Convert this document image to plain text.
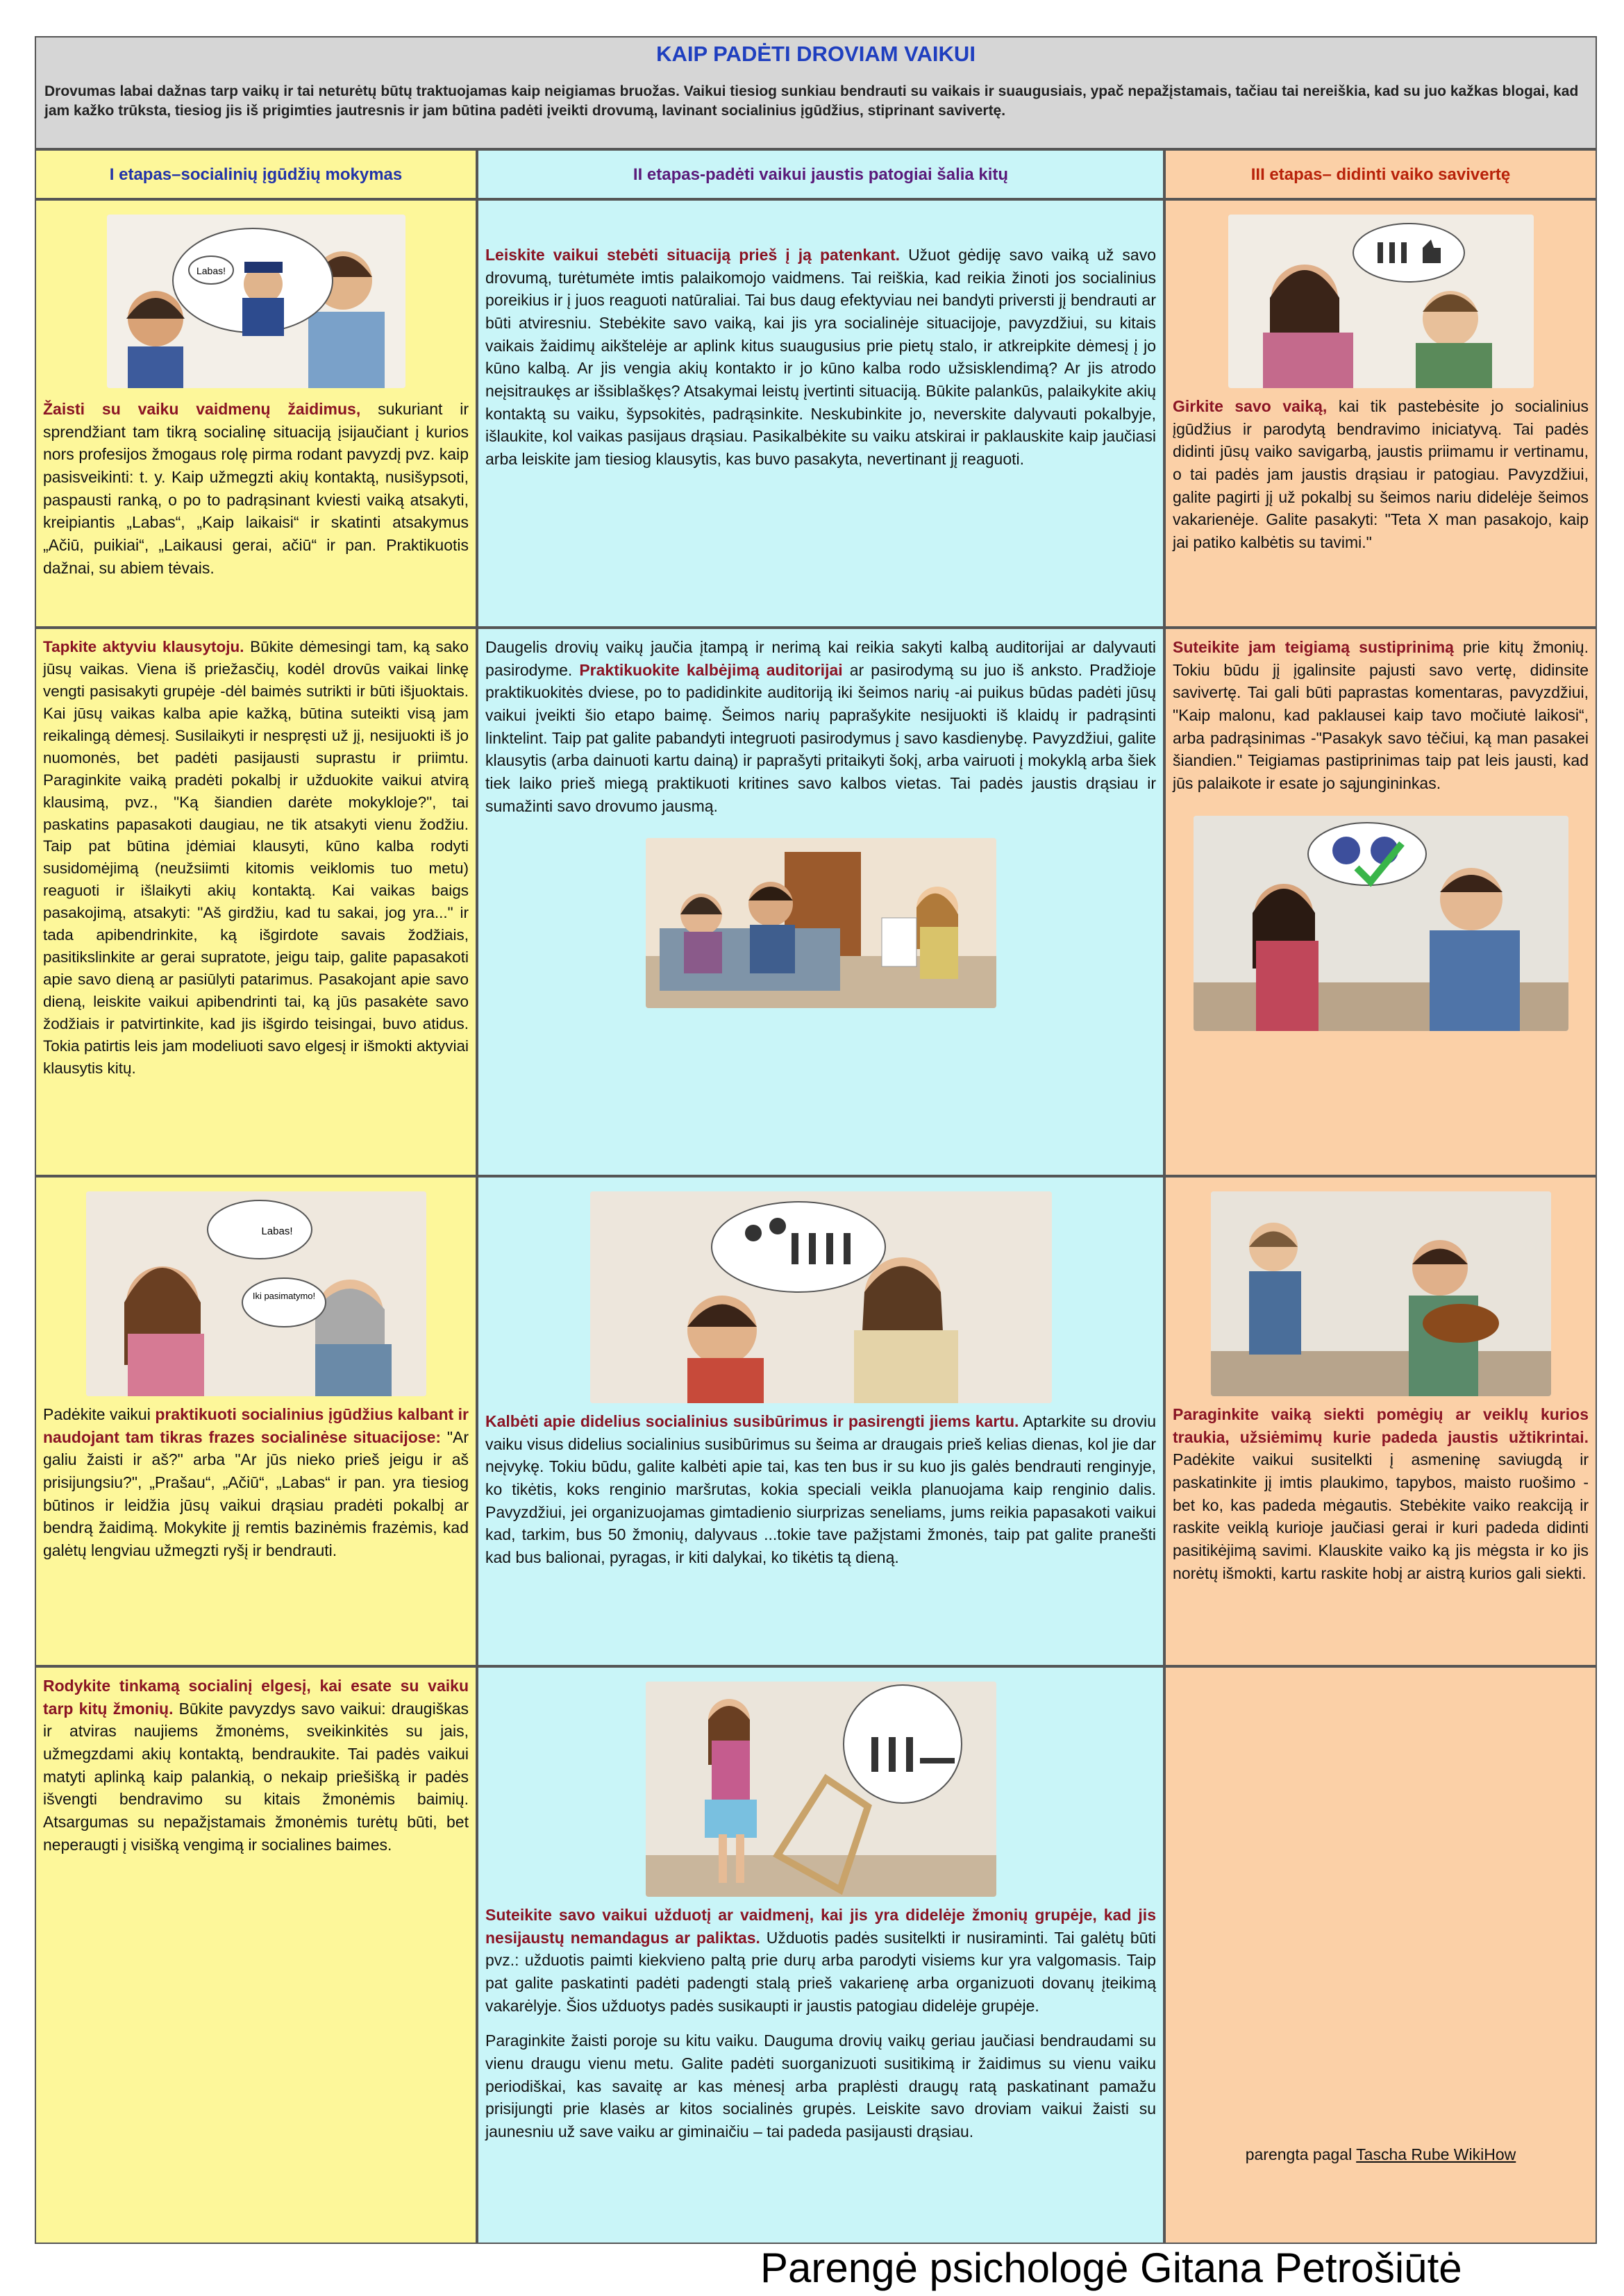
KAIP PADĖTI DROVIAM VAIKUI
Drovumas labai dažnas tarp vaikų ir tai neturėtų būtų traktuojamas kaip neigiamas bruožas. Vaikui tiesiog sunkiau bendrauti su vaikais ir suaugusiais, ypač nepažįstamais, tačiau tai nereiškia, kad su juo kažkas blogai, kad jam kažko trūksta, tiesiog jis iš prigimties jautresnis ir jam būtina padėti įveikti drovumą, lavinant socialinius įgūdžius, stiprinant savivertę.
I etapas–socialinių įgūdžių mokymas	II etapas-padėti vaikui jaustis patogiai šalia kitų	III etapas– didinti vaiko savivertę
Labas!

Žaisti su vaiku vaidmenų žaidimus, sukuriant ir sprendžiant tam tikrą socialinę situaciją įsijaučiant į kurios nors profesijos žmogaus rolę pirma rodant pavyzdį pvz. kaip pasisveikinti: t. y. Kaip užmegzti akių kontaktą, nusišypsoti, paspausti ranką, o po to padrąsinant kviesti vaiką atsakyti, kreipiantis „Labas“, „Kaip laikaisi“ ir skatinti atsakymus „Ačiū, puikiai“, „Laikausi gerai, ačiū“ ir pan. Praktikuotis dažnai, su abiem tėvais.

Leiskite vaikui stebėti situaciją prieš į ją patenkant. Užuot gėdiję savo vaiką už savo drovumą, turėtumėte imtis palaikomojo vaidmens. Tai reiškia, kad reikia žinoti jos socialinius poreikius ir į juos reaguoti natūraliai. Tai bus daug efektyviau nei bandyti priversti jį bendrauti ar būti atviresniu. Stebėkite savo vaiką, kai jis yra socialinėje situacijoje, pavyzdžiui, su kitais vaikais žaidimų aikštelėje ar aplink kitus suaugusius prie pietų stalo, ir atkreipkite dėmesį į jo kūno kalbą. Ar jis vengia akių kontakto ir jo kūno kalba rodo užsisklendimą? Ar jis atrodo neįsitraukęs ar išsiblaškęs? Atsakymai leistų įvertinti situaciją. Būkite palankūs, palaikykite akių kontaktą su vaiku, šypsokitės, padrąsinkite. Neskubinkite jo, neverskite dalyvauti pokalbyje, išlaukite, kol vaikas pasijaus drąsiau. Pasikalbėkite su vaiku atskirai ir paklauskite kaip jaučiasi arba leiskite jam tiesiog klausytis, kas buvo pasakyta, nevertinant jį reaguoti.

Girkite savo vaiką, kai tik pastebėsite jo socialinius įgūdžius ir parodytą bendravimo iniciatyvą. Tai padės didinti jūsų vaiko savigarbą, jaustis priimamu ir vertinamu, o tai padės jam jaustis drąsiau ir patogiau. Pavyzdžiui, galite pagirti jį už pokalbį su šeimos nariu didelėje šeimos vakarienėje. Galite pasakyti: "Teta X man pasakojo, kaip jai patiko kalbėtis su tavimi."

Tapkite aktyviu klausytoju. Būkite dėmesingi tam, ką sako jūsų vaikas. Viena iš priežasčių, kodėl drovūs vaikai linkę vengti pasisakyti grupėje -dėl baimės sutrikti ir būti išjuoktais. Kai jūsų vaikas kalba apie kažką, būtina suteikti visą jam reikalingą dėmesį. Susilaikyti ir nespręsti už jį, nesijuokti iš jo nuomonės, bet padėti pasijausti suprastu ir priimtu. Paraginkite vaiką pradėti pokalbį ir užduokite vaikui atvirą klausimą, pvz., "Ką šiandien darėte mokykloje?", tai paskatins papasakoti daugiau, ne tik atsakyti vienu žodžiu. Taip pat būtina įdėmiai klausyti, kūno kalba rodyti susidomėjimą (neužsiimti kitomis veiklomis tuo metu) reaguoti ir išlaikyti akių kontaktą. Kai vaikas baigs pasakojimą, atsakyti: "Aš girdžiu, kad tu sakai, jog yra..." ir tada apibendrinkite, ką išgirdote savais žodžiais, pasitikslinkite ar gerai supratote, jeigu taip, galite papasakoti apie savo dieną ar pasiūlyti patarimus. Pasakojant apie savo dieną, leiskite vaikui apibendrinti tai, ką jūs pasakėte savo žodžiais ir patvirtinkite, kad jis išgirdo teisingai, buvo atidus. Tokia patirtis leis jam modeliuoti savo elgesį ir išmokti aktyviai klausytis kitų.

Daugelis drovių vaikų jaučia įtampą ir nerimą kai reikia sakyti kalbą auditorijai ar dalyvauti pasirodyme. Praktikuokite kalbėjimą auditorijai ar pasirodymą su juo iš anksto. Pradžioje praktikuokitės dviese, po to padidinkite auditoriją iki šeimos narių -ai puikus būdas padėti jūsų vaikui įveikti šio etapo baimę. Šeimos narių paprašykite nesijuokti iš klaidų ir padrąsinti linktelint. Taip pat galite pabandyti integruoti pasirodymus į savo kasdienybę. Pavyzdžiui, galite klausytis (arba dainuoti kartu dainą) ir paprašyti pritaikyti šokį, arba vairuoti į mokyklą arba šiek tiek laiko prieš miegą praktikuoti kritines savo kalbos vietas. Tai padės jaustis drąsiau ir sumažinti savo drovumo jausmą.

Suteikite jam teigiamą sustiprinimą prie kitų žmonių. Tokiu būdu jį įgalinsite pajusti savo vertę, didinsite savivertę. Tai gali būti paprastas komentaras, pavyzdžiui, "Kaip malonu, kad paklausei kaip tavo močiutė laikosi“, arba padrąsinimas -"Pasakyk savo tėčiui, ką man pasakei šiandien." Teigiamas pastiprinimas taip pat leis jausti, kad jūs palaikote ir esate jo sąjungininkas.

Labas!
Iki pasimatymo!

Padėkite vaikui praktikuoti socialinius įgūdžius kalbant ir naudojant tam tikras frazes socialinėse situacijose: "Ar galiu žaisti ir aš?" arba "Ar jūs nieko prieš jeigu ir aš prisijungsiu?", „Prašau“, „Ačiū“, „Labas“ ir pan. yra tiesiog būtinos ir leidžia jūsų vaikui drąsiau pradėti pokalbį ar bendrą žaidimą. Mokykite jį remtis bazinėmis frazėmis, kad galėtų lengviau užmegzti ryšį ir bendrauti.

Kalbėti apie didelius socialinius susibūrimus ir pasirengti jiems kartu. Aptarkite su droviu vaiku visus didelius socialinius susibūrimus su šeima ar draugais prieš kelias dienas, kol jie dar neįvykę. Tokiu būdu, galite kalbėti apie tai, kas ten bus ir su kuo jis galės bendrauti renginyje, ko tikėtis, koks renginio maršrutas, kokia speciali veikla planuojama kaip renginio dalis. Pavyzdžiui, jei organizuojamas gimtadienio siurprizas seneliams, jums reikia papasakoti vaikui kad, tarkim, bus 50 žmonių, dalyvaus ...tokie tave pažįstami žmonės, taip pat galite pranešti kad bus balionai, pyragas, ir kiti dalykai, ko tikėtis tą dieną.

Paraginkite vaiką siekti pomėgių ar veiklų kurios traukia, užsiėmimų kurie padeda jaustis užtikrintai. Padėkite vaikui susitelkti į asmeninę saviugdą ir paskatinkite jį imtis plaukimo, tapybos, maisto ruošimo - bet ko, kas padeda mėgautis. Stebėkite vaiko reakciją ir raskite veiklą kurioje jaučiasi gerai ir kuri padeda didinti pasitikėjimą savimi. Klauskite vaiko ką jis mėgsta ir ko jis norėtų išmokti, kartu raskite hobį ar aistrą kurios gali siekti.

Rodykite tinkamą socialinį elgesį, kai esate su vaiku tarp kitų žmonių. Būkite pavyzdys savo vaikui: draugiškas ir atviras naujiems žmonėms, sveikinkitės su jais, užmegzdami akių kontaktą, bendraukite. Tai padės vaikui matyti aplinką kaip palankią, o nekaip priešišką ir padės išvengti bendravimo su kitais žmonėmis baimių. Atsargumas su nepažįstamais žmonėmis turėtų būti, bet neperaugti į visišką vengimą ir socialines baimes.

Suteikite savo vaikui užduotį ar vaidmenį, kai jis yra didelėje žmonių grupėje, kad jis nesijaustų nemandagus ar paliktas. Užduotis padės susitelkti ir nusiraminti. Tai galėtų būti pvz.: užduotis paimti kiekvieno paltą prie durų arba parodyti visiems kur yra valgomasis. Taip pat galite paskatinti padėti padengti stalą prieš vakarienę arba organizuoti dovanų įteikimą vakarėlyje. Šios užduotys padės susikaupti ir jaustis patogiau didelėje grupėje.

Paraginkite žaisti poroje su kitu vaiku. Dauguma drovių vaikų geriau jaučiasi bendraudami su vienu draugu vienu metu. Galite padėti suorganizuoti susitikimą ir žaidimus su vienu vaiku periodiškai, kas savaitę ar kas mėnesį arba praplėsti draugų ratą paskatinant pamažu prisijungti prie klasės ar kitos socialinės grupės. Leiskite savo droviam vaikui žaisti su jaunesniu už save vaiku ar giminaičiu – tai padeda pasijausti drąsiau.

parengta pagal Tascha Rube WikiHow
Parengė psichologė Gitana Petrošiūtė
